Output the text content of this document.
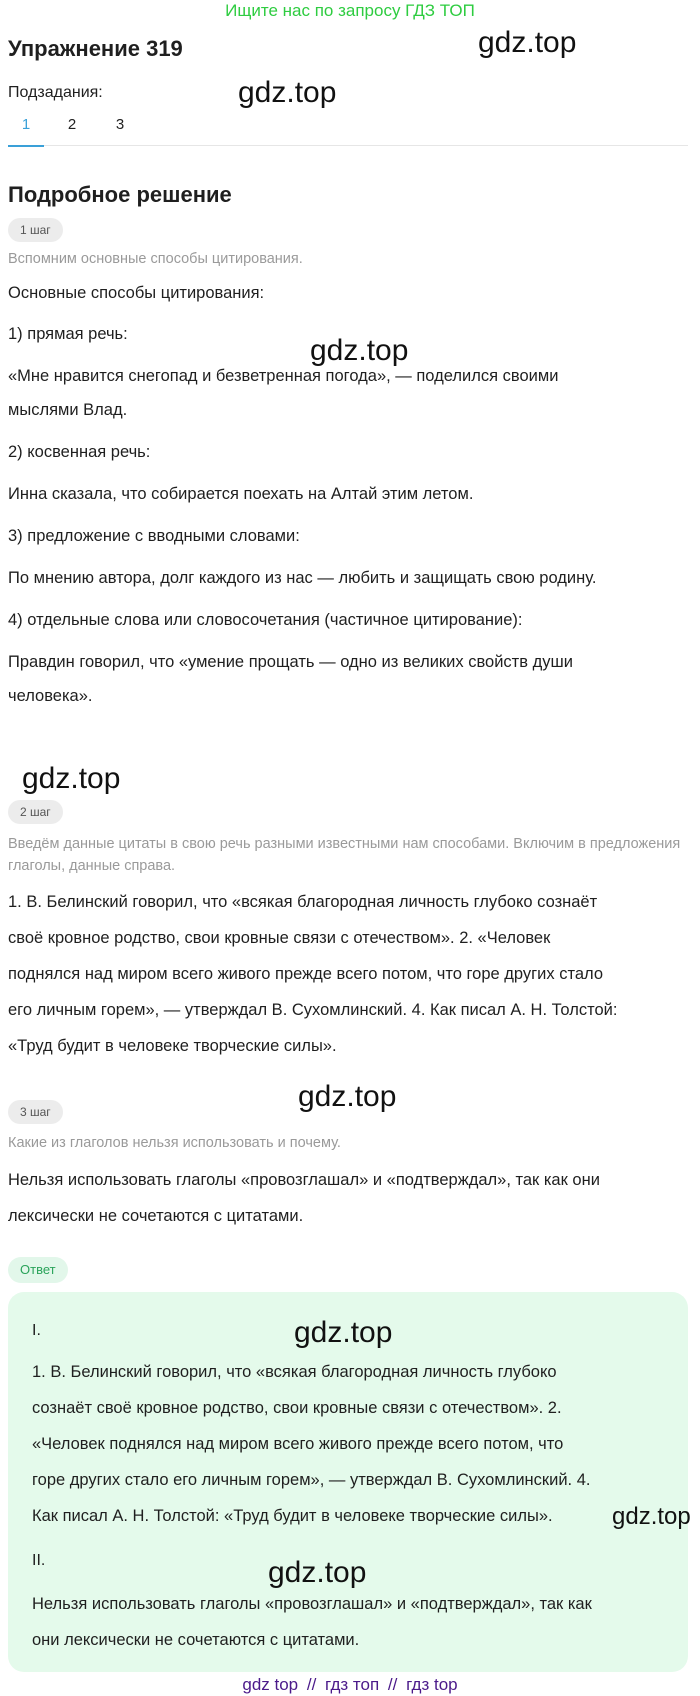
Ищите нас по запросу ГДЗ ТОП
Упражнение 319
Подзадания:
1	2	3
Подробное решение
1 шаг
Вспомним основные способы цитирования.
Основные способы цитирования:
1) прямая речь:
«Мне нравится снегопад и безветренная погода», — поделился своими
мыслями Влад.
2) косвенная речь:
Инна сказала, что собирается поехать на Алтай этим летом.
3) предложение с вводными словами:
По мнению автора, долг каждого из нас — любить и защищать свою родину.
4) отдельные слова или словосочетания (частичное цитирование):
Правдин говорил, что «умение прощать — одно из великих свойств души
человека».
2 шаг
Введём данные цитаты в свою речь разными известными нам способами. Включим в предложения глаголы, данные справа.
1. В. Белинский говорил, что «всякая благородная личность глубоко сознаёт
своё кровное родство, свои кровные связи с отечеством». 2. «Человек
поднялся над миром всего живого прежде всего потом, что горе других стало
его личным горем», — утверждал В. Сухомлинский. 4. Как писал А. Н. Толстой:
«Труд будит в человеке творческие силы».
3 шаг
Какие из глаголов нельзя использовать и почему.
Нельзя использовать глаголы «провозглашал» и «подтверждал», так как они
лексически не сочетаются с цитатами.
Ответ
I.
1. В. Белинский говорил, что «всякая благородная личность глубоко
сознаёт своё кровное родство, свои кровные связи с отечеством». 2.
«Человек поднялся над миром всего живого прежде всего потом, что
горе других стало его личным горем», — утверждал В. Сухомлинский. 4.
Как писал А. Н. Толстой: «Труд будит в человеке творческие силы».
II.
Нельзя использовать глаголы «провозглашал» и «подтверждал», так как
они лексически не сочетаются с цитатами.
gdz.top
gdz.top
gdz.top
gdz.top
gdz.top
gdz.top
gdz.top
gdz.top
gdz top // гдз топ // гдз top
